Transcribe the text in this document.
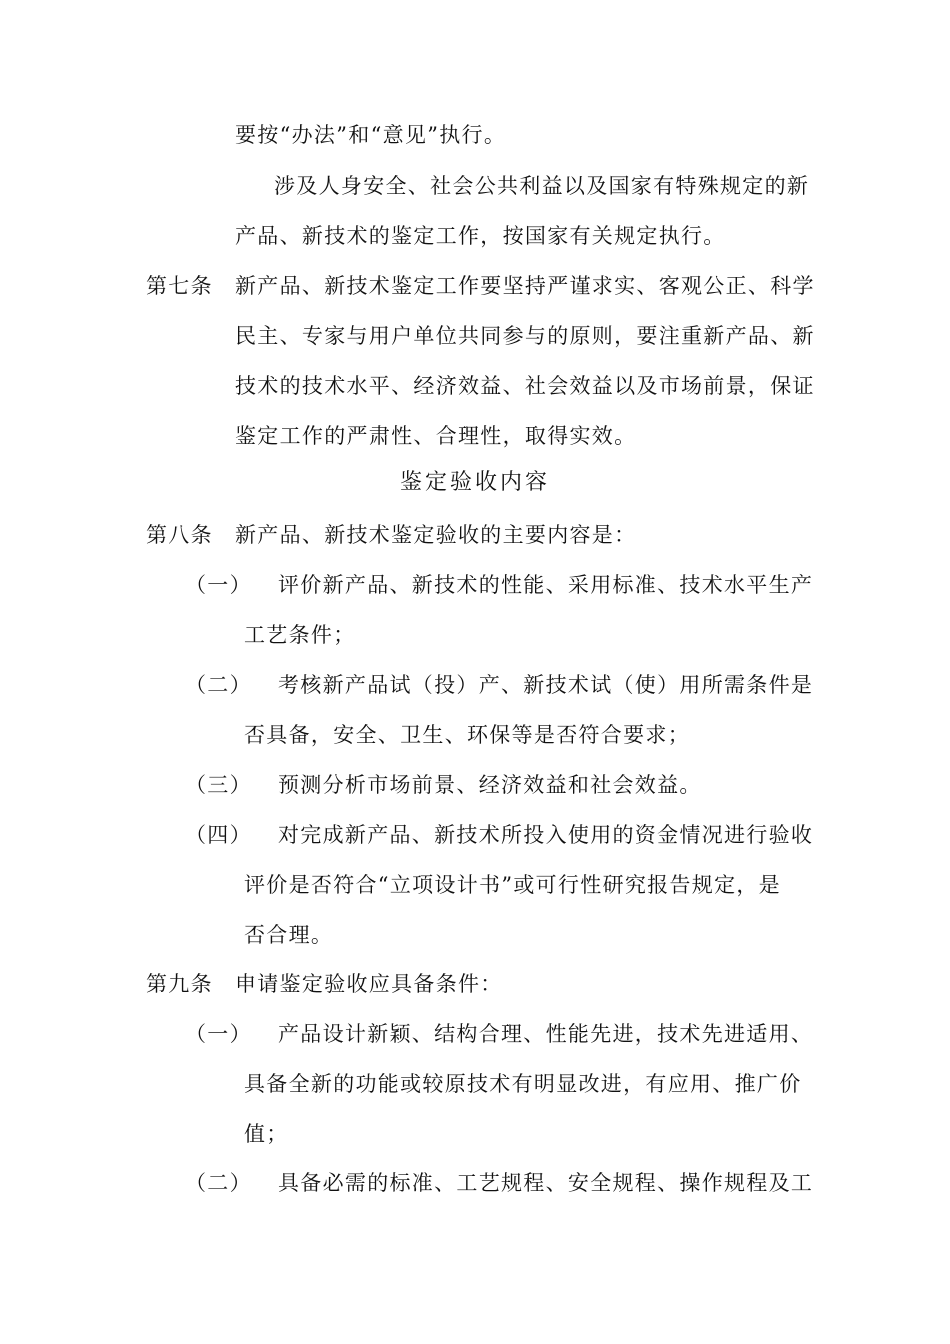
要按“办法”和“意见”执行。
涉及人身安全、社会公共利益以及国家有特殊规定的新
产品、新技术的鉴定工作，按国家有关规定执行。
第七条 新产品、新技术鉴定工作要坚持严谨求实、客观公正、科学
民主、专家与用户单位共同参与的原则，要注重新产品、新
技术的技术水平、经济效益、社会效益以及市场前景，保证
鉴定工作的严肃性、合理性，取得实效。
鉴定验收内容
第八条 新产品、新技术鉴定验收的主要内容是：
（一） 评价新产品、新技术的性能、采用标准、技术水平生产
工艺条件；
（二） 考核新产品试（投）产、新技术试（使）用所需条件是
否具备，安全、卫生、环保等是否符合要求；
（三） 预测分析市场前景、经济效益和社会效益。
（四） 对完成新产品、新技术所投入使用的资金情况进行验收
评价是否符合“立项设计书”或可行性研究报告规定，是
否合理。
第九条 申请鉴定验收应具备条件：
（一） 产品设计新颖、结构合理、性能先进，技术先进适用、
具备全新的功能或较原技术有明显改进，有应用、推广价
值；
（二） 具备必需的标准、工艺规程、安全规程、操作规程及工
